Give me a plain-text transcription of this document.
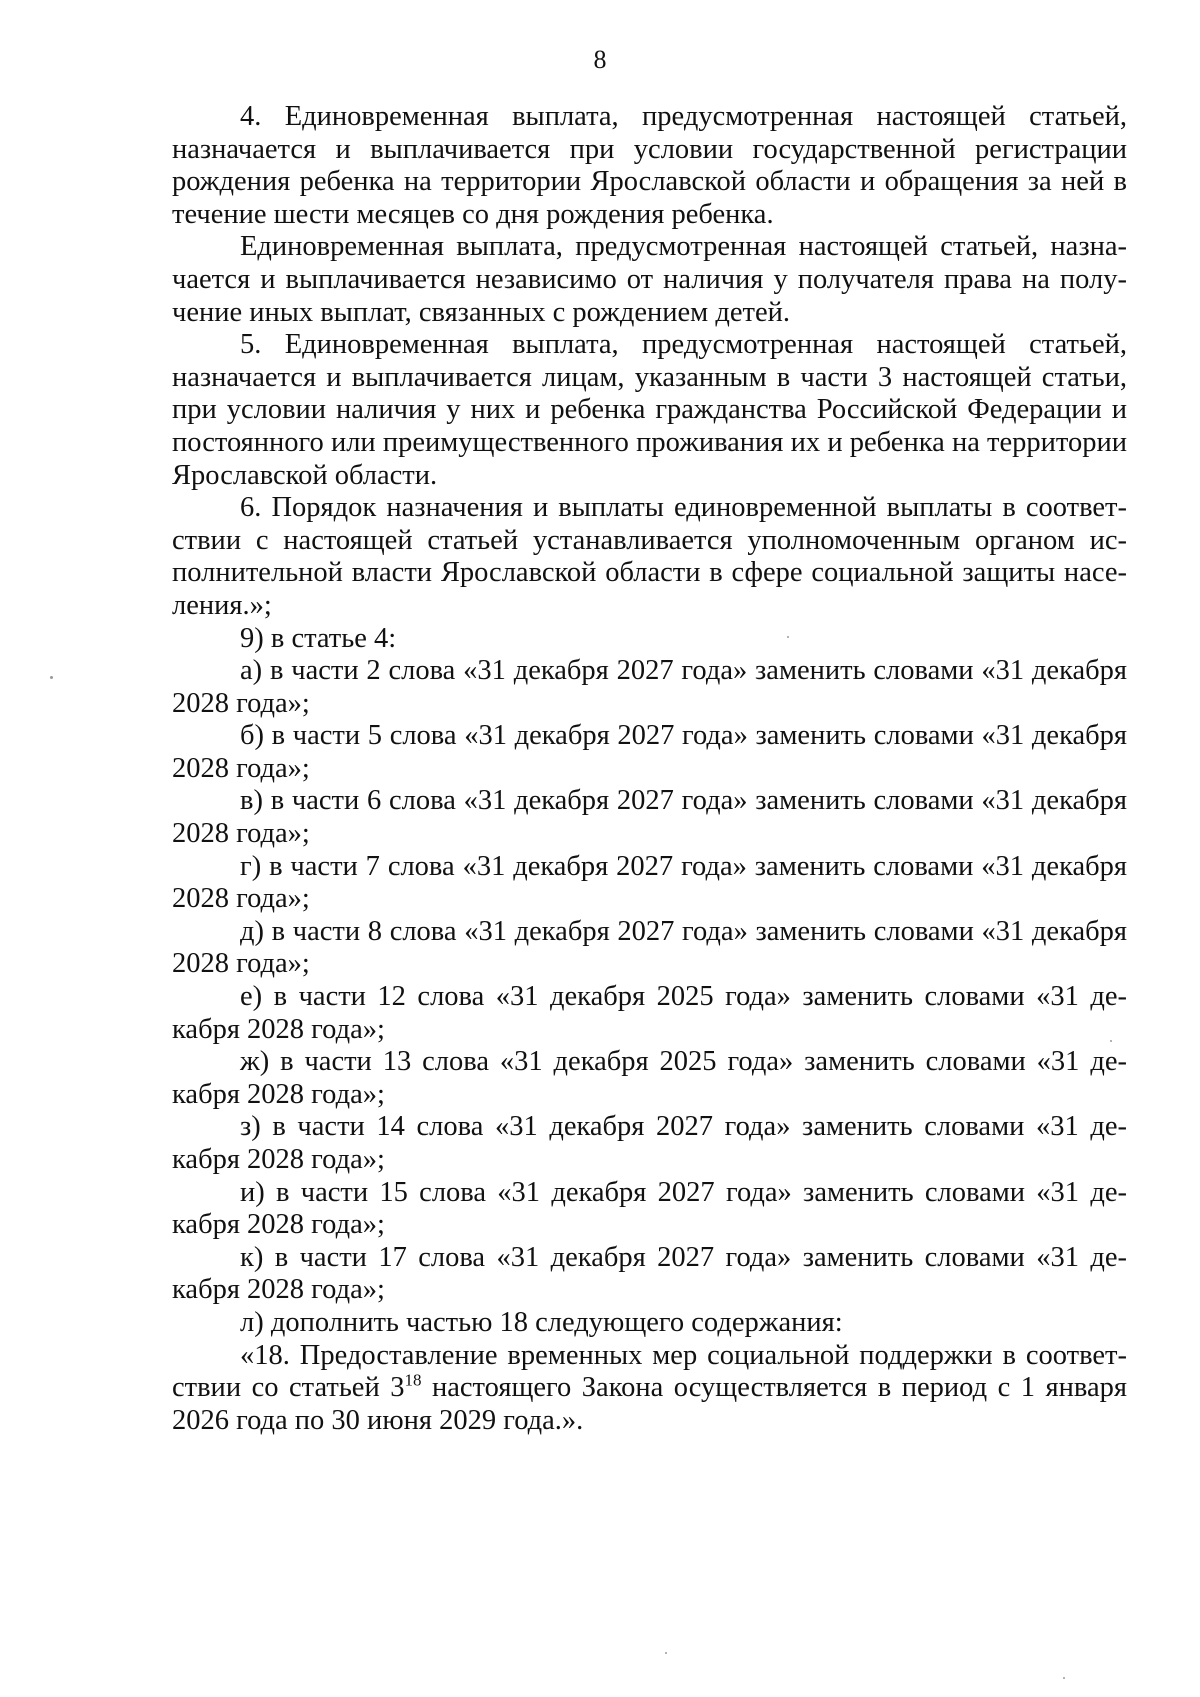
8

4. Единовременная выплата, предусмотренная настоящей статьей, назначается и выплачивается при условии государственной регистрации рождения ребенка на территории Ярославской области и обращения за ней в течение шести месяцев со дня рождения ребенка.

Единовременная выплата, предусмотренная настоящей статьей, назначается и выплачивается независимо от наличия у получателя права на получение иных выплат, связанных с рождением детей.

5. Единовременная выплата, предусмотренная настоящей статьей, назначается и выплачивается лицам, указанным в части 3 настоящей статьи, при условии наличия у них и ребенка гражданства Российской Федерации и постоянного или преимущественного проживания их и ребенка на территории Ярославской области.

6. Порядок назначения и выплаты единовременной выплаты в соответствии с настоящей статьей устанавливается уполномоченным органом исполнительной власти Ярославской области в сфере социальной защиты населения.»;

9) в статье 4:

а) в части 2 слова «31 декабря 2027 года» заменить словами «31 декабря 2028 года»;

б) в части 5 слова «31 декабря 2027 года» заменить словами «31 декабря 2028 года»;

в) в части 6 слова «31 декабря 2027 года» заменить словами «31 декабря 2028 года»;

г) в части 7 слова «31 декабря 2027 года» заменить словами «31 декабря 2028 года»;

д) в части 8 слова «31 декабря 2027 года» заменить словами «31 декабря 2028 года»;

е) в части 12 слова «31 декабря 2025 года» заменить словами «31 декабря 2028 года»;

ж) в части 13 слова «31 декабря 2025 года» заменить словами «31 декабря 2028 года»;

з) в части 14 слова «31 декабря 2027 года» заменить словами «31 декабря 2028 года»;

и) в части 15 слова «31 декабря 2027 года» заменить словами «31 декабря 2028 года»;

к) в части 17 слова «31 декабря 2027 года» заменить словами «31 декабря 2028 года»;

л) дополнить частью 18 следующего содержания:

«18. Предоставление временных мер социальной поддержки в соответствии со статьей $3^{18}$ настоящего Закона осуществляется в период с 1 января 2026 года по 30 июня 2029 года.».
